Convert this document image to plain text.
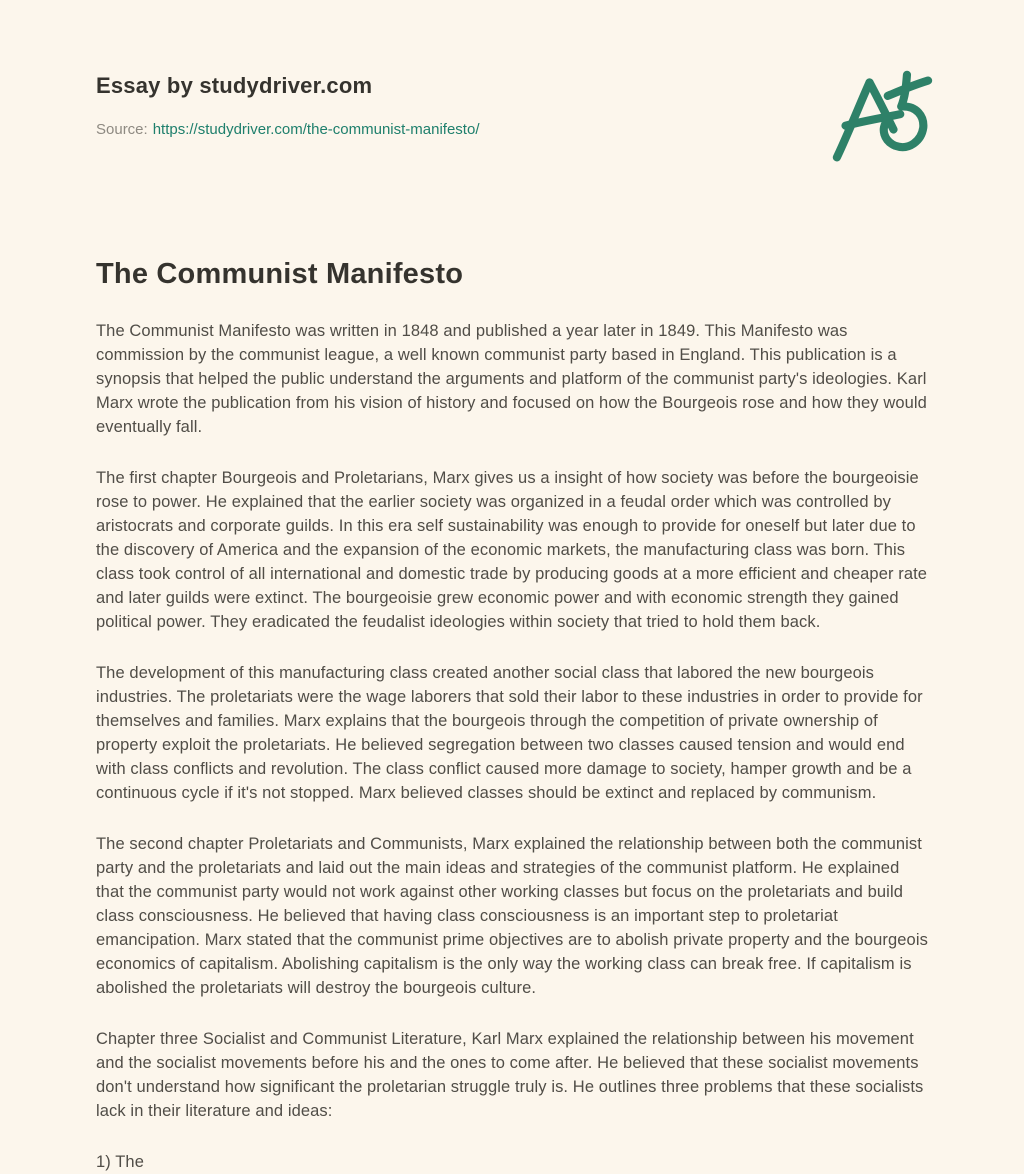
Essay by studydriver.com

Source: https://studydriver.com/the-communist-manifesto/

The Communist Manifesto

The Communist Manifesto was written in 1848 and published a year later in 1849. This Manifesto was commission by the communist league, a well known communist party based in England. This publication is a synopsis that helped the public understand the arguments and platform of the communist party's ideologies. Karl Marx wrote the publication from his vision of history and focused on how the Bourgeois rose and how they would eventually fall.

The first chapter Bourgeois and Proletarians, Marx gives us a insight of how society was before the bourgeoisie rose to power. He explained that the earlier society was organized in a feudal order which was controlled by aristocrats and corporate guilds. In this era self sustainability was enough to provide for oneself but later due to the discovery of America and the expansion of the economic markets, the manufacturing class was born. This class took control of all international and domestic trade by producing goods at a more efficient and cheaper rate and later guilds were extinct. The bourgeoisie grew economic power and with economic strength they gained political power. They eradicated the feudalist ideologies within society that tried to hold them back.

The development of this manufacturing class created another social class that labored the new bourgeois industries. The proletariats were the wage laborers that sold their labor to these industries in order to provide for themselves and families. Marx explains that the bourgeois through the competition of private ownership of property exploit the proletariats. He believed segregation between two classes caused tension and would end with class conflicts and revolution. The class conflict caused more damage to society, hamper growth and be a continuous cycle if it's not stopped. Marx believed classes should be extinct and replaced by communism.

The second chapter Proletariats and Communists, Marx explained the relationship between both the communist party and the proletariats and laid out the main ideas and strategies of the communist platform. He explained that the communist party would not work against other working classes but focus on the proletariats and build class consciousness. He believed that having class consciousness is an important step to proletariat emancipation. Marx stated that the communist prime objectives are to abolish private property and the bourgeois economics of capitalism. Abolishing capitalism is the only way the working class can break free. If capitalism is abolished the proletariats will destroy the bourgeois culture.

Chapter three Socialist and Communist Literature, Karl Marx explained the relationship between his movement and the socialist movements before his and the ones to come after. He believed that these socialist movements don't understand how significant the proletarian struggle truly is. He outlines three problems that these socialists lack in their literature and ideas:

1) The
